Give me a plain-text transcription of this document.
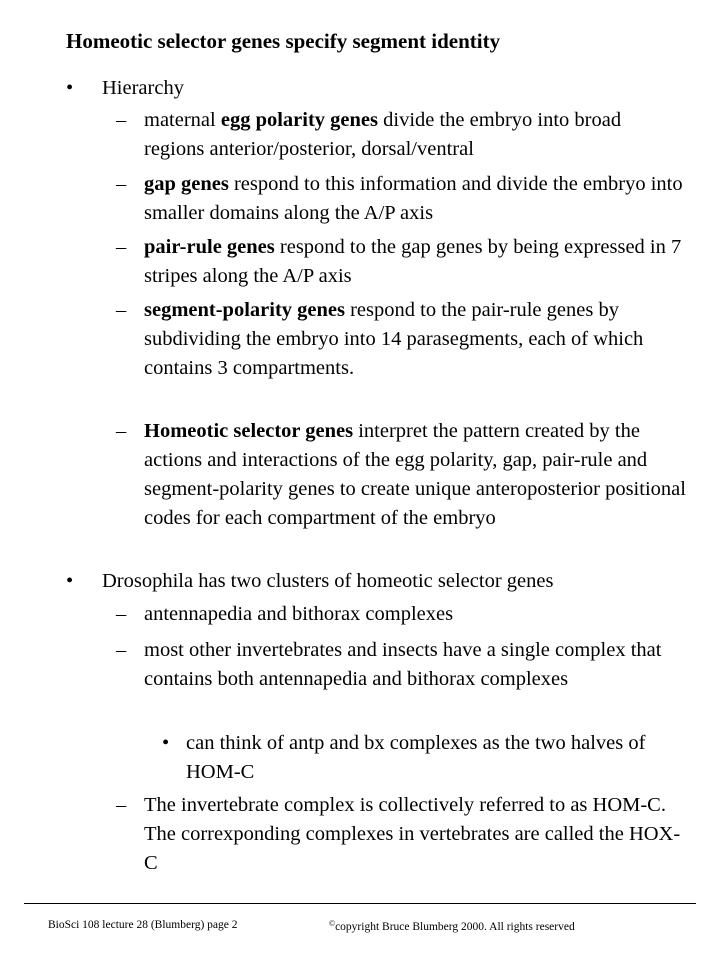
Homeotic selector genes specify segment identity
•	Hierarchy
– maternal egg polarity genes divide the embryo into broad regions anterior/posterior, dorsal/ventral
– gap genes respond to this information and divide the embryo into smaller domains along the A/P axis
– pair-rule genes respond to the gap genes by being expressed in 7 stripes along the A/P axis
– segment-polarity genes respond to the pair-rule genes by subdividing the embryo into 14 parasegments, each of which contains 3 compartments.
– Homeotic selector genes interpret the pattern created by the actions and interactions of the egg polarity, gap, pair-rule and segment-polarity genes to create unique anteroposterior positional codes for each compartment of the embryo
•	Drosophila has two clusters of homeotic selector genes
– antennapedia and bithorax complexes
– most other invertebrates and insects have a single complex that contains both antennapedia and bithorax complexes
• can think of antp and bx complexes as the two halves of HOM-C
– The invertebrate complex is collectively referred to as HOM-C. The correxponding complexes in vertebrates are called the HOX-C
BioSci 108 lecture 28 (Blumberg) page 2	©copyright Bruce Blumberg 2000. All rights reserved
